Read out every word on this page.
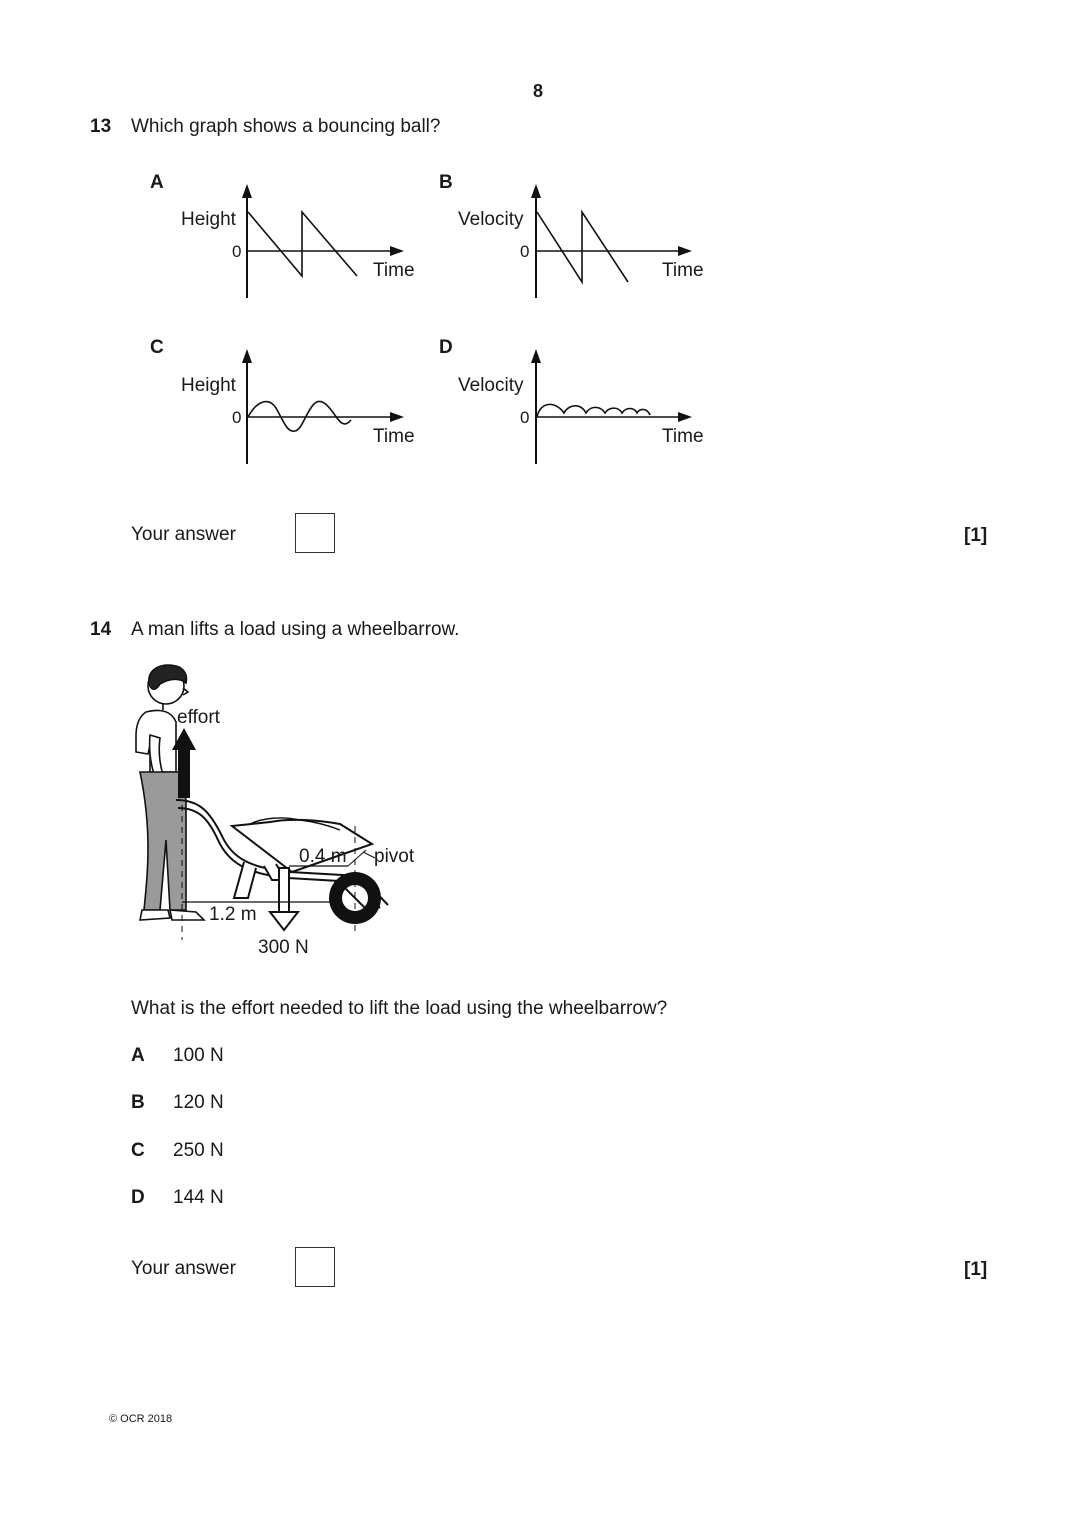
8
13 Which graph shows a bouncing ball?
A
Height
0
Time
B
Velocity
0
Time
C
Height
0
Time
D
Velocity
0
Time
Your answer	[1]
14 A man lifts a load using a wheelbarrow.
effort
0.4 m pivot
1.2 m
300 N
What is the effort needed to lift the load using the wheelbarrow?
A 100 N
B 120 N
C 250 N
D 144 N
Your answer	[1]
© OCR 2018
